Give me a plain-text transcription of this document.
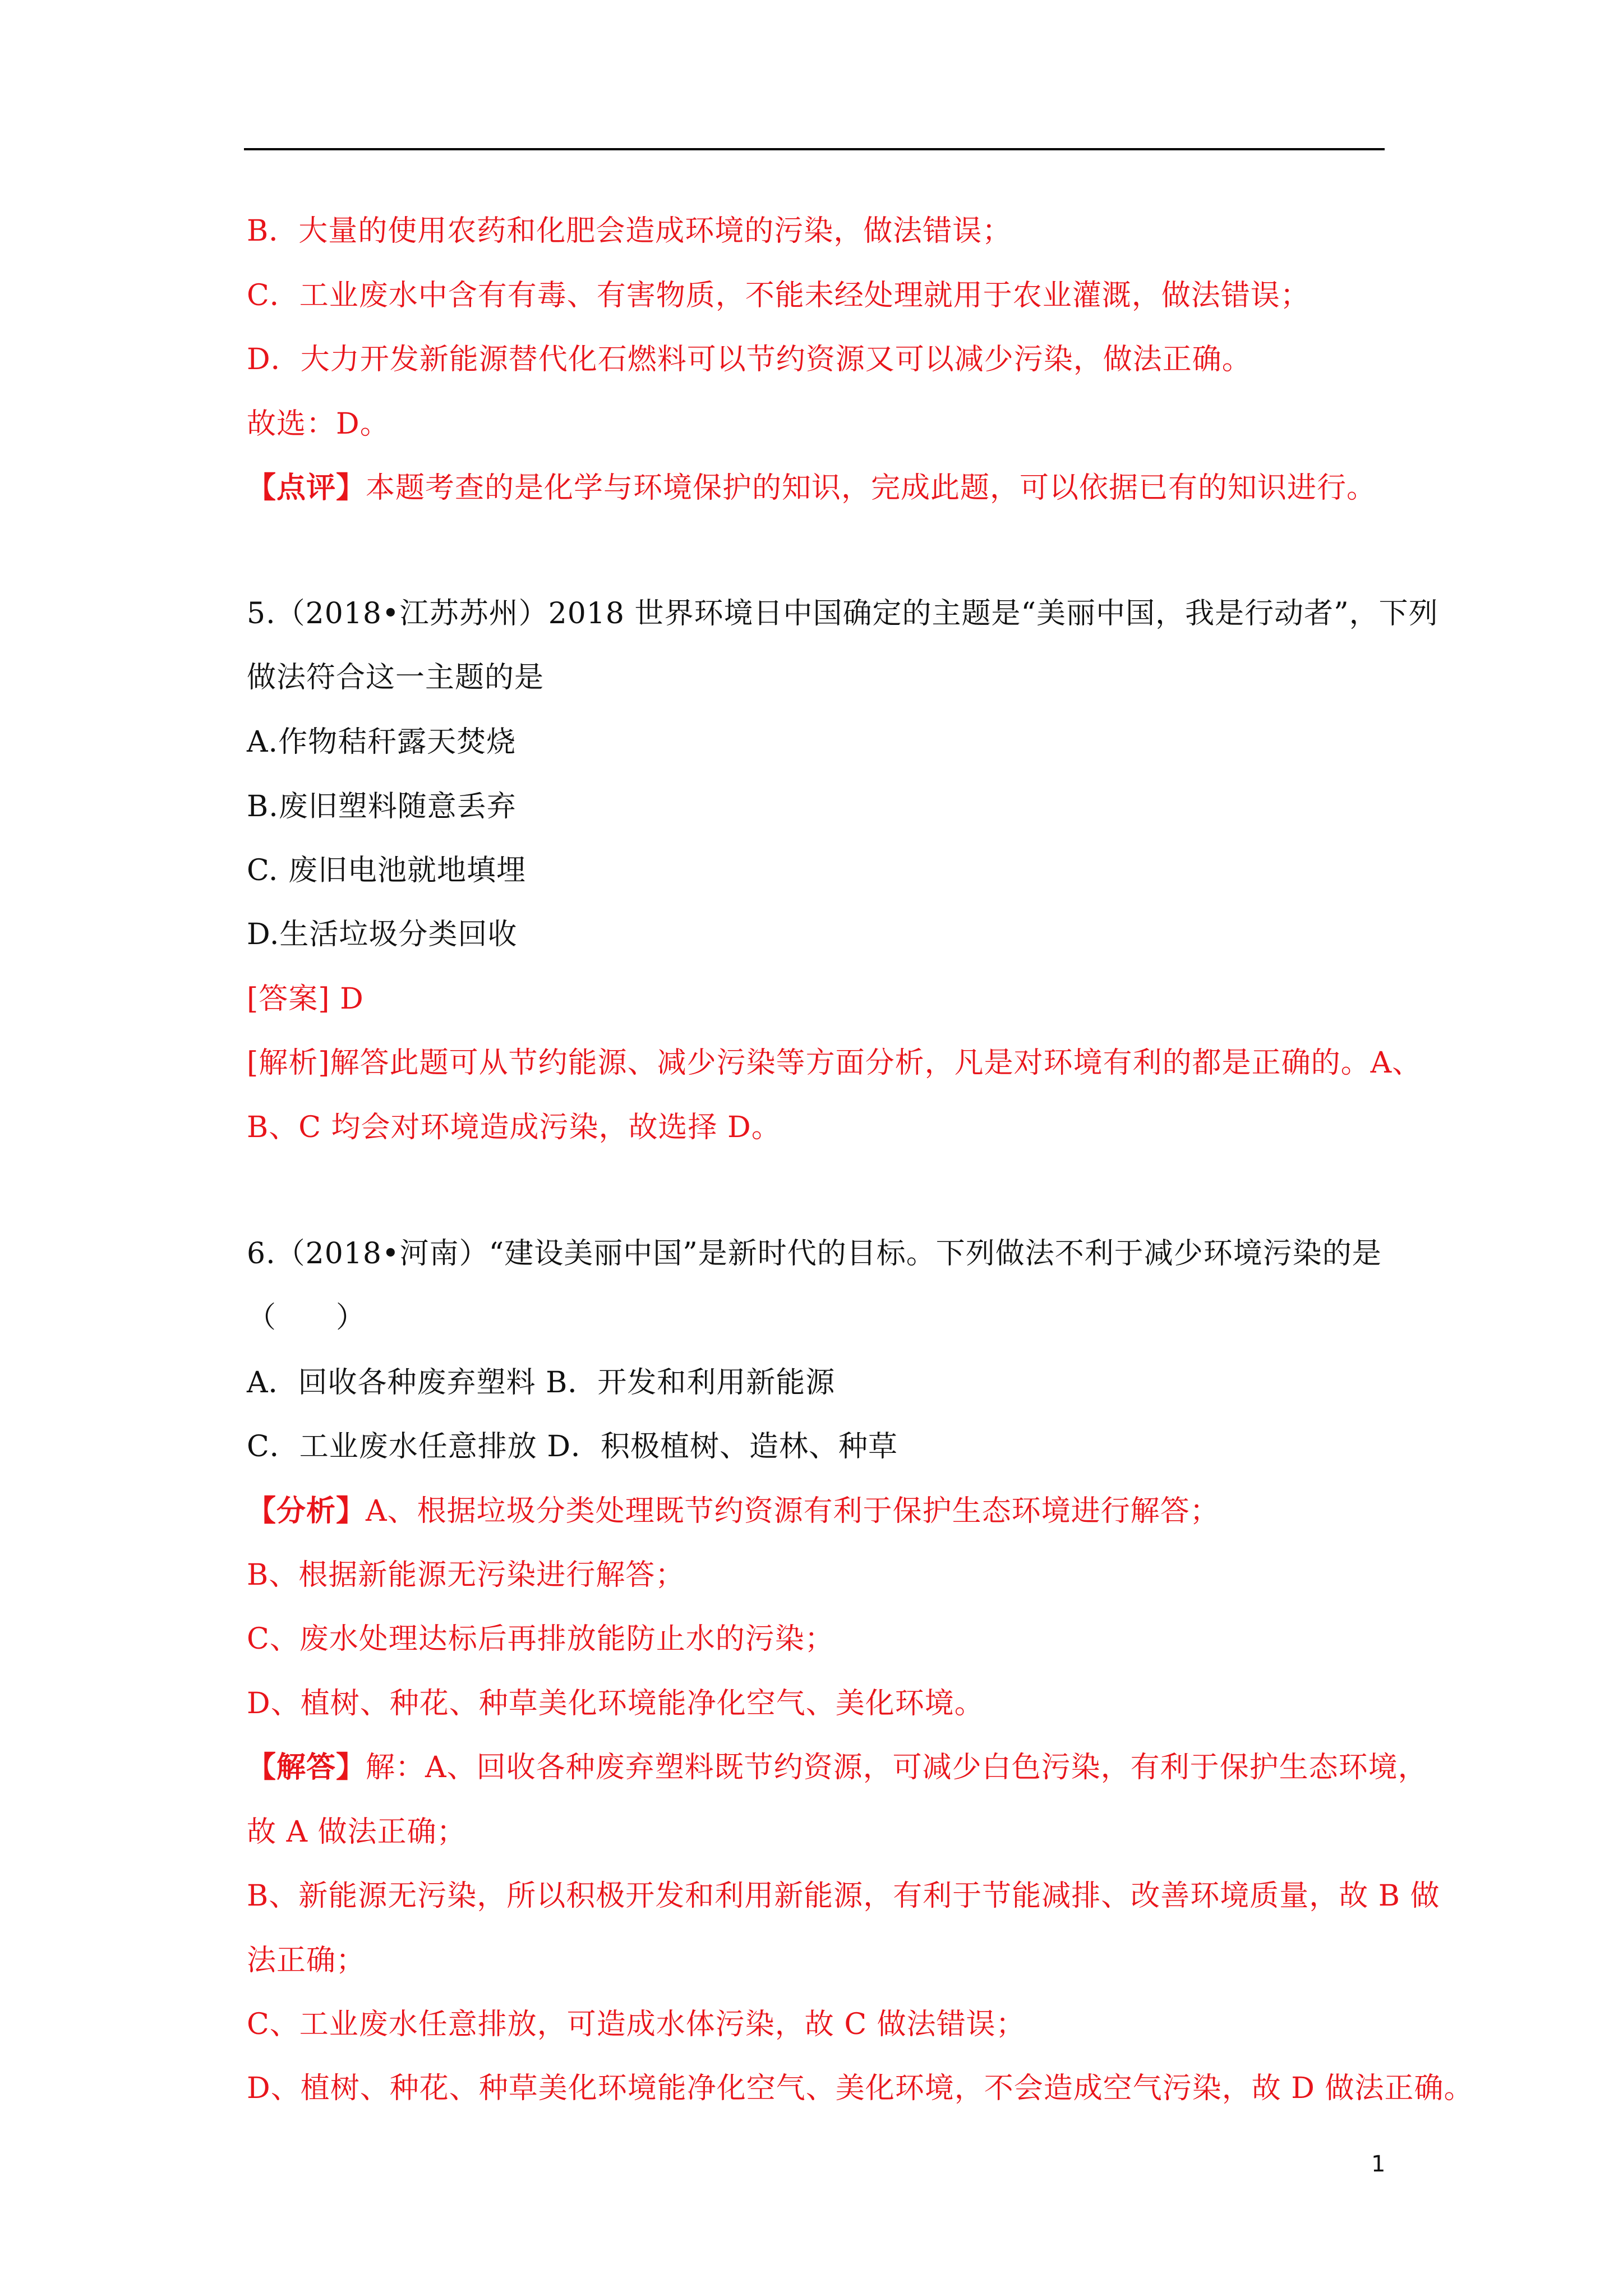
B．大量的使用农药和化肥会造成环境的污染，做法错误；
C．工业废水中含有有毒、有害物质，不能未经处理就用于农业灌溉，做法错误；
D．大力开发新能源替代化石燃料可以节约资源又可以减少污染，做法正确。
故选：D。
【点评】本题考查的是化学与环境保护的知识，完成此题，可以依据已有的知识进行。
5.（2018•江苏苏州）2018 世界环境日中国确定的主题是“美丽中国，我是行动者”，下列
做法符合这一主题的是
A.作物秸秆露天焚烧
B.废旧塑料随意丢弃
C. 废旧电池就地填埋
D.生活垃圾分类回收
[答案] D
[解析]解答此题可从节约能源、减少污染等方面分析，凡是对环境有利的都是正确的。A、
B、C 均会对环境造成污染，故选择 D。
6.（2018•河南）“建设美丽中国”是新时代的目标。下列做法不利于减少环境污染的是
（　　）
A．回收各种废弃塑料 B．开发和利用新能源
C．工业废水任意排放 D．积极植树、造林、种草
【分析】A、根据垃圾分类处理既节约资源有利于保护生态环境进行解答；
B、根据新能源无污染进行解答；
C、废水处理达标后再排放能防止水的污染；
D、植树、种花、种草美化环境能净化空气、美化环境。
【解答】解：A、回收各种废弃塑料既节约资源，可减少白色污染，有利于保护生态环境，
故 A 做法正确；
B、新能源无污染，所以积极开发和利用新能源，有利于节能减排、改善环境质量，故 B 做
法正确；
C、工业废水任意排放，可造成水体污染，故 C 做法错误；
D、植树、种花、种草美化环境能净化空气、美化环境，不会造成空气污染，故 D 做法正确。
1
